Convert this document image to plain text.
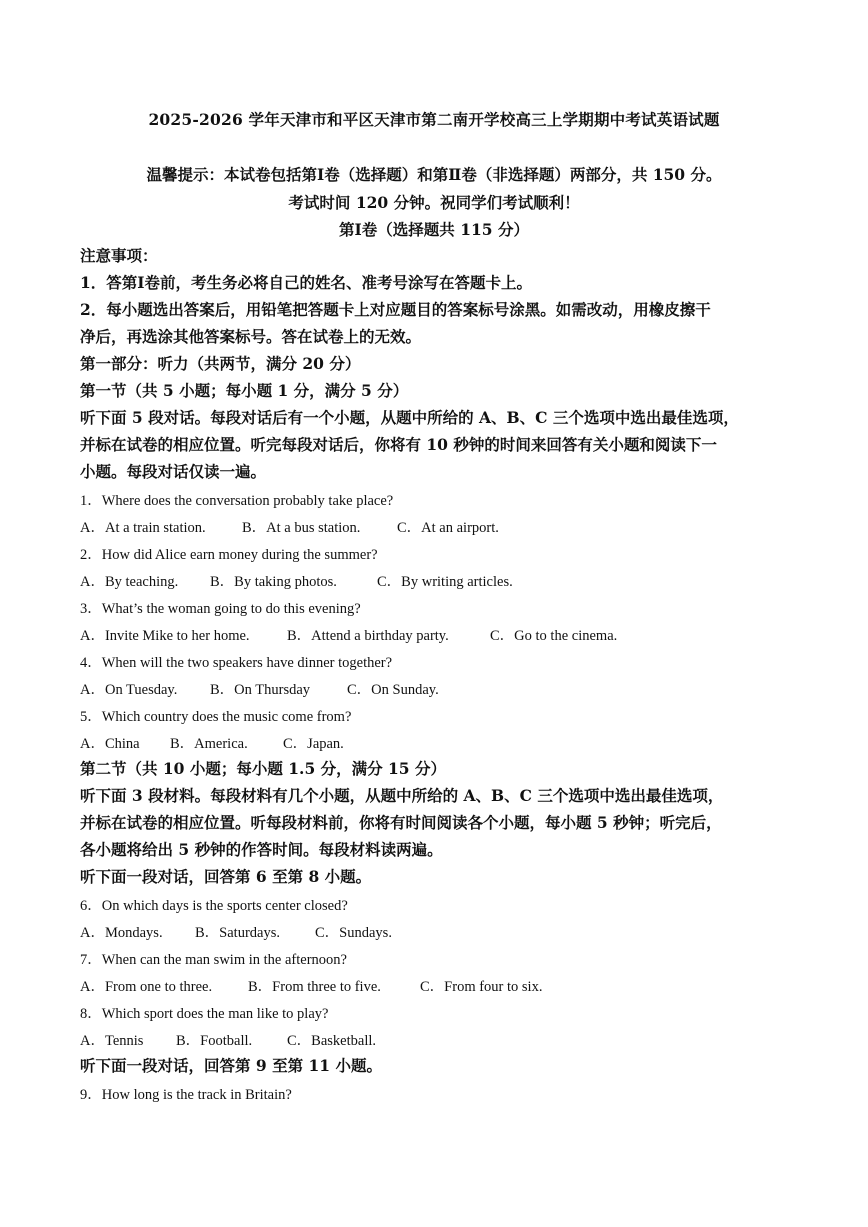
2025-2026 学年天津市和平区天津市第二南开学校高三上学期期中考试英语试题
温馨提示：本试卷包括第Ⅰ卷（选择题）和第Ⅱ卷（非选择题）两部分，共 150 分。
考试时间 120 分钟。祝同学们考试顺利！
第Ⅰ卷（选择题共 115 分）
注意事项：
1．答第Ⅰ卷前，考生务必将自己的姓名、准考号涂写在答题卡上。
2．每小题选出答案后，用铅笔把答题卡上对应题目的答案标号涂黑。如需改动，用橡皮擦干
净后，再选涂其他答案标号。答在试卷上的无效。
第一部分：听力（共两节，满分 20 分）
第一节（共 5 小题；每小题 1 分，满分 5 分）
听下面 5 段对话。每段对话后有一个小题，从题中所给的 A、B、C 三个选项中选出最佳选项，
并标在试卷的相应位置。听完每段对话后，你将有 10 秒钟的时间来回答有关小题和阅读下一
小题。每段对话仅读一遍。
1．Where does the conversation probably take place?
A．At a train station.	B．At a bus station.	C．At an airport.
2．How did Alice earn money during the summer?
A．By teaching. B．By taking photos.	C．By writing articles.
3．What’s the woman going to do this evening?
A．Invite Mike to her home.	B．Attend a birthday party.	C．Go to the cinema.
4．When will the two speakers have dinner together?
A．On Tuesday. B．On Thursday	C．On Sunday.
5．Which country does the music come from?
A．China B．America. C．Japan.
第二节（共 10 小题；每小题 1.5 分，满分 15 分）
听下面 3 段材料。每段材料有几个小题，从题中所给的 A、B、C 三个选项中选出最佳选项，
并标在试卷的相应位置。听每段材料前，你将有时间阅读各个小题，每小题 5 秒钟；听完后，
各小题将给出 5 秒钟的作答时间。每段材料读两遍。
听下面一段对话，回答第 6 至第 8 小题。
6．On which days is the sports center closed?
A．Mondays. B．Saturdays. C．Sundays.
7．When can the man swim in the afternoon?
A．From one to three. B．From three to five.	C．From four to six.
8．Which sport does the man like to play?
A．Tennis B．Football. C．Basketball.
听下面一段对话，回答第 9 至第 11 小题。
9．How long is the track in Britain?
